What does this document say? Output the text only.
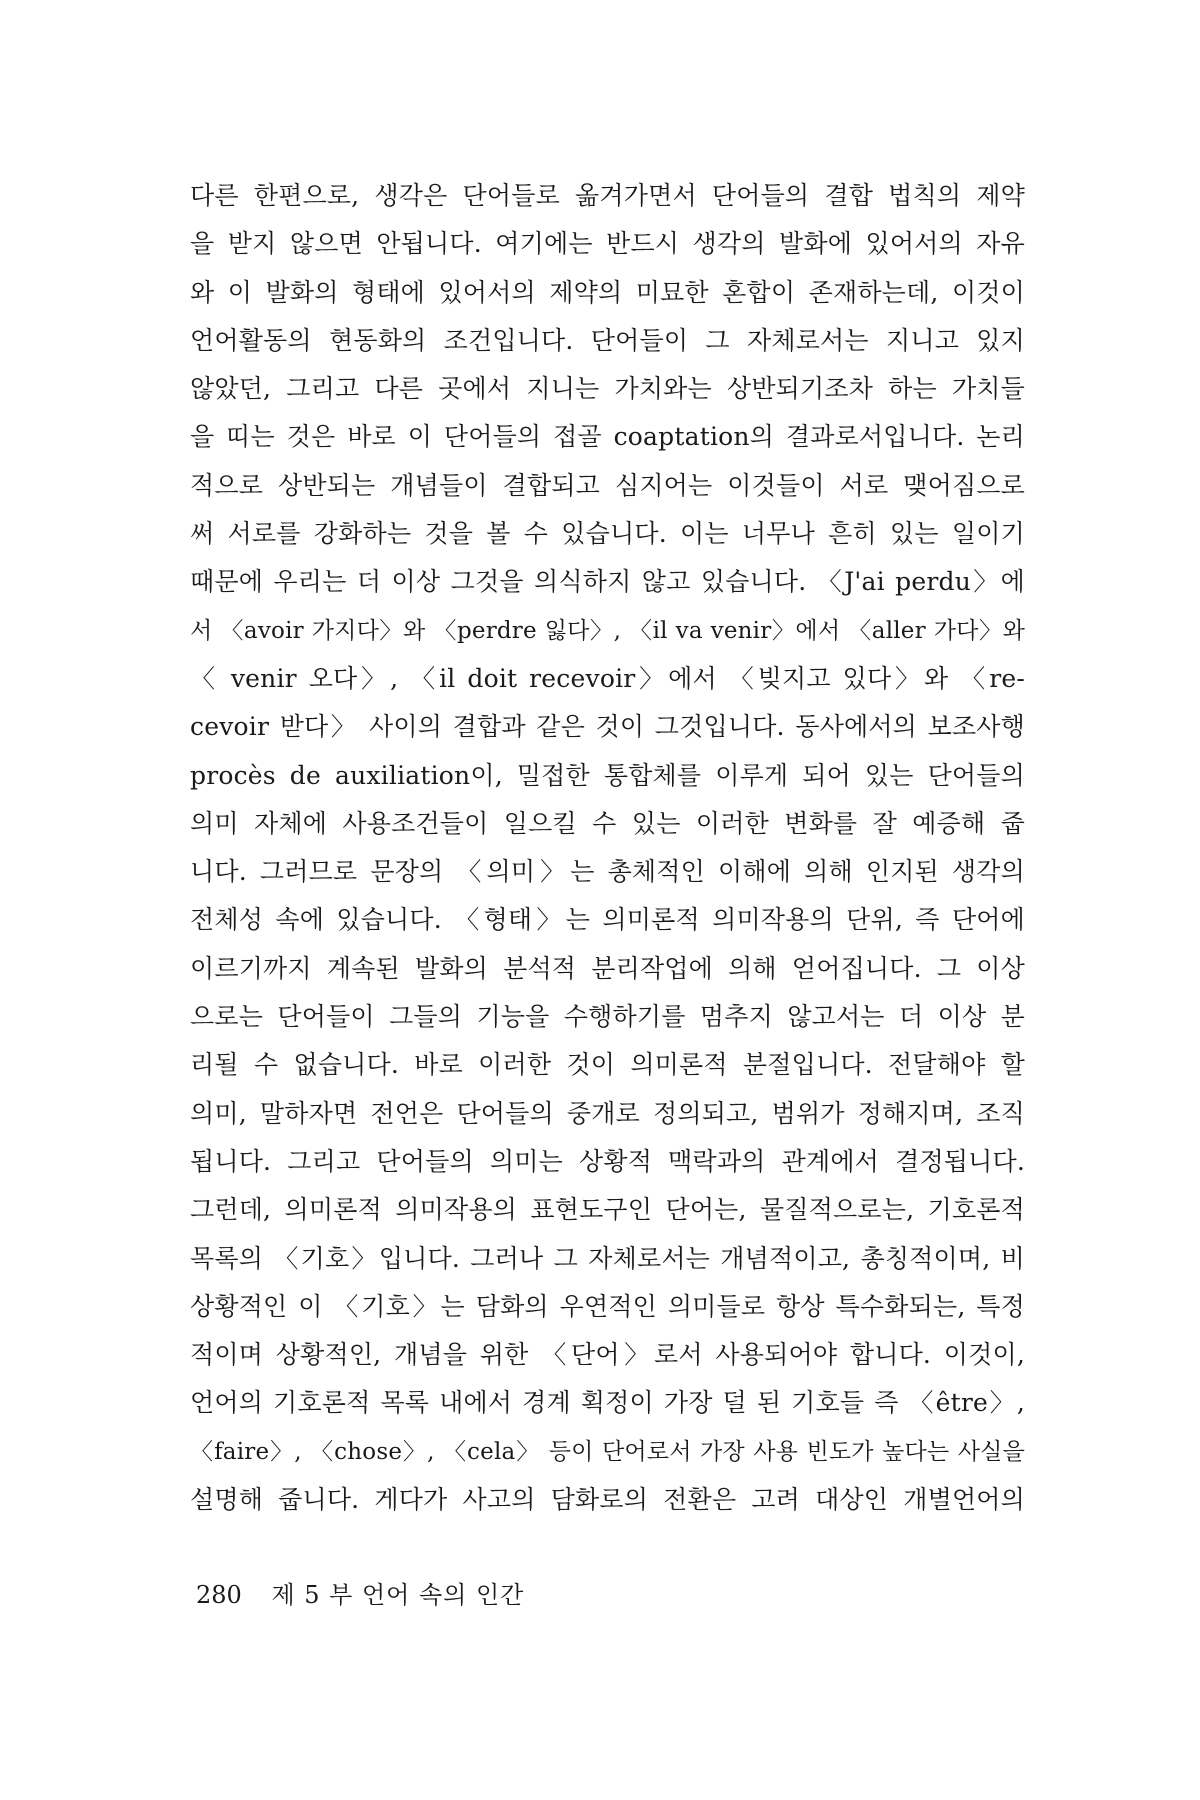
다른 한편으로, 생각은 단어들로 옮겨가면서 단어들의 결합 법칙의 제약
을 받지 않으면 안됩니다. 여기에는 반드시 생각의 발화에 있어서의 자유
와 이 발화의 형태에 있어서의 제약의 미묘한 혼합이 존재하는데, 이것이
언어활동의 현동화의 조건입니다. 단어들이 그 자체로서는 지니고 있지
않았던, 그리고 다른 곳에서 지니는 가치와는 상반되기조차 하는 가치들
을 띠는 것은 바로 이 단어들의 접골 coaptation의 결과로서입니다. 논리
적으로 상반되는 개념들이 결합되고 심지어는 이것들이 서로 맺어짐으로
써 서로를 강화하는 것을 볼 수 있습니다. 이는 너무나 흔히 있는 일이기
때문에 우리는 더 이상 그것을 의식하지 않고 있습니다. 〈J'ai perdu〉에
서 〈avoir 가지다〉와 〈perdre 잃다〉, 〈il va venir〉에서 〈aller 가다〉와
〈 venir 오다〉, 〈il doit recevoir〉에서 〈빚지고 있다〉와 〈re-
cevoir 받다〉 사이의 결합과 같은 것이 그것입니다. 동사에서의 보조사행
procès de auxiliation이, 밀접한 통합체를 이루게 되어 있는 단어들의
의미 자체에 사용조건들이 일으킬 수 있는 이러한 변화를 잘 예증해 줍
니다. 그러므로 문장의 〈의미〉는 총체적인 이해에 의해 인지된 생각의
전체성 속에 있습니다. 〈형태〉는 의미론적 의미작용의 단위, 즉 단어에
이르기까지 계속된 발화의 분석적 분리작업에 의해 얻어집니다. 그 이상
으로는 단어들이 그들의 기능을 수행하기를 멈추지 않고서는 더 이상 분
리될 수 없습니다. 바로 이러한 것이 의미론적 분절입니다. 전달해야 할
의미, 말하자면 전언은 단어들의 중개로 정의되고, 범위가 정해지며, 조직
됩니다. 그리고 단어들의 의미는 상황적 맥락과의 관계에서 결정됩니다.
그런데, 의미론적 의미작용의 표현도구인 단어는, 물질적으로는, 기호론적
목록의 〈기호〉입니다. 그러나 그 자체로서는 개념적이고, 총칭적이며, 비
상황적인 이 〈기호〉는 담화의 우연적인 의미들로 항상 특수화되는, 특정
적이며 상황적인, 개념을 위한 〈단어〉로서 사용되어야 합니다. 이것이,
언어의 기호론적 목록 내에서 경계 획정이 가장 덜 된 기호들 즉 〈être〉,
〈faire〉, 〈chose〉, 〈cela〉 등이 단어로서 가장 사용 빈도가 높다는 사실을
설명해 줍니다. 게다가 사고의 담화로의 전환은 고려 대상인 개별언어의
280 제 5 부 언어 속의 인간
